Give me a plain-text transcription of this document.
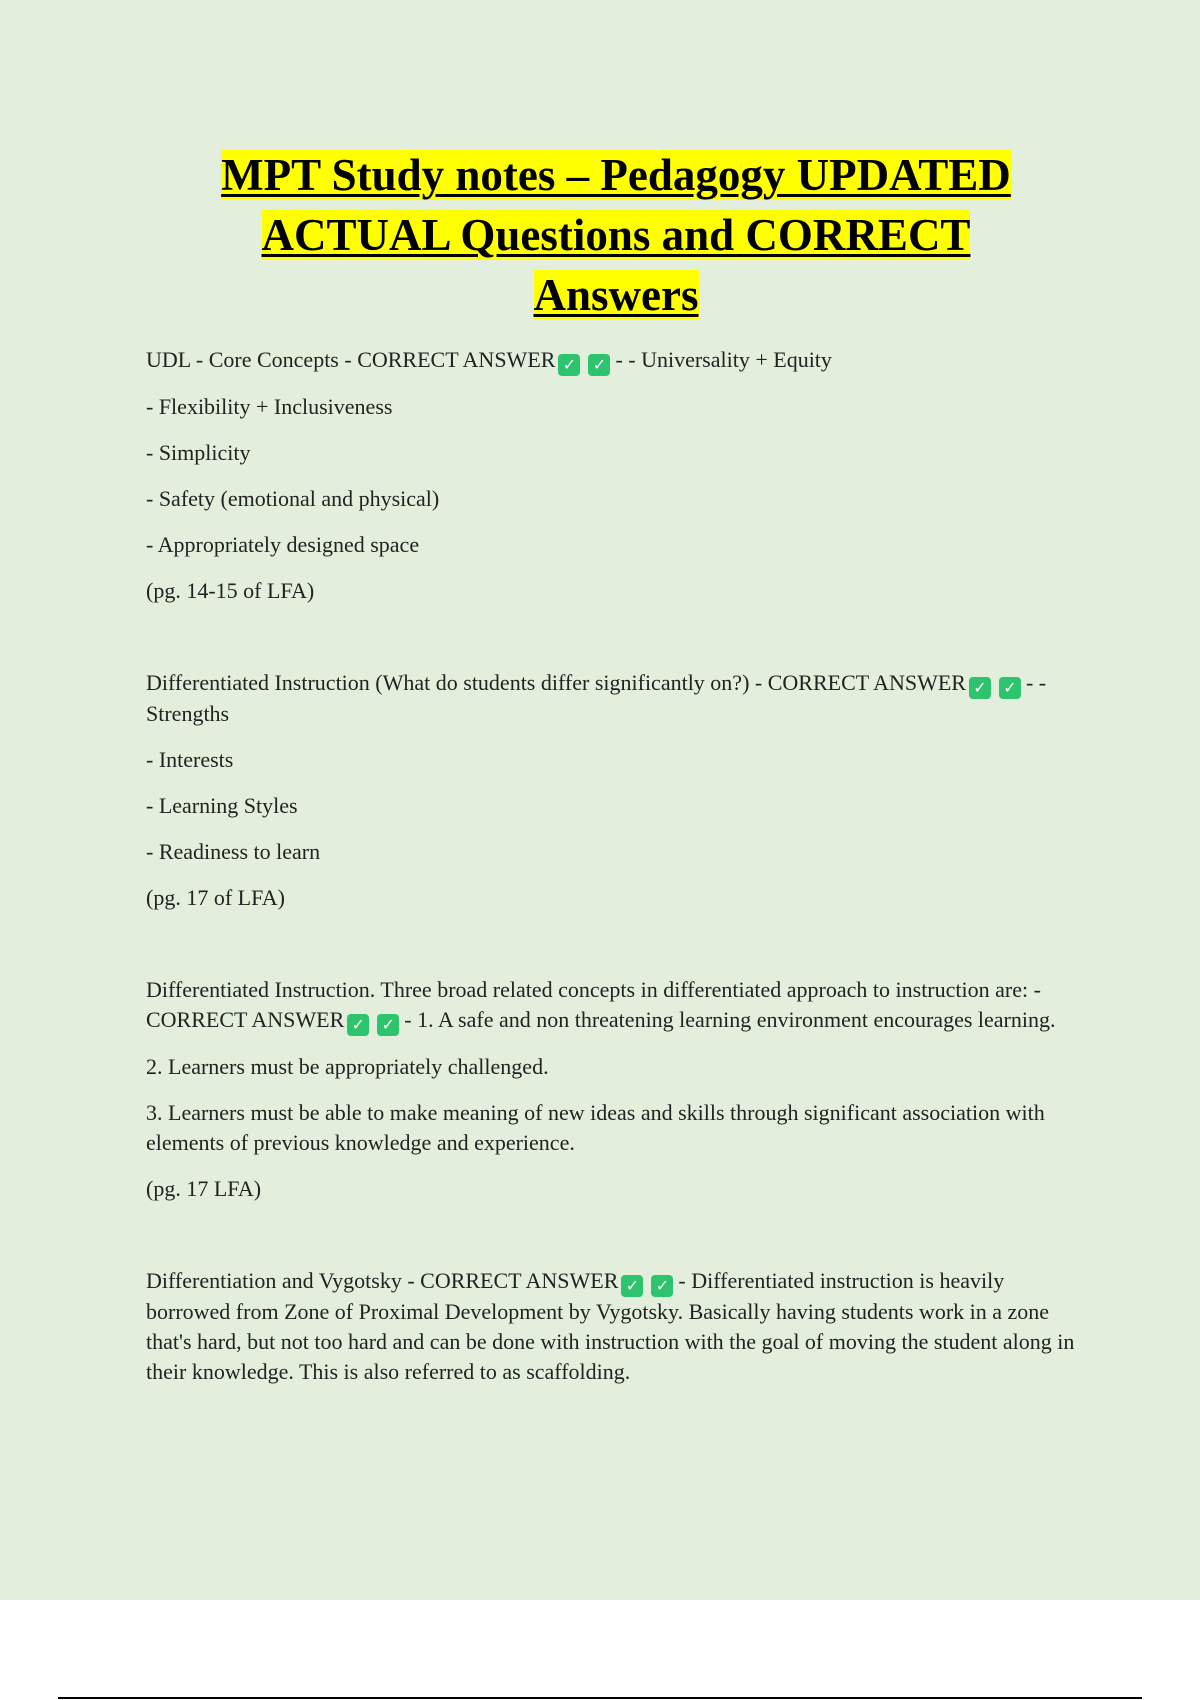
MPT Study notes – Pedagogy UPDATED
ACTUAL Questions and CORRECT
Answers

UDL - Core Concepts - CORRECT ANSWER ✓ ✓ - - Universality + Equity

- Flexibility + Inclusiveness

- Simplicity

- Safety (emotional and physical)

- Appropriately designed space

(pg. 14-15 of LFA)

Differentiated Instruction (What do students differ significantly on?) - CORRECT ANSWER ✓ ✓ - - Strengths

- Interests

- Learning Styles

- Readiness to learn

(pg. 17 of LFA)

Differentiated Instruction. Three broad related concepts in differentiated approach to instruction are: - CORRECT ANSWER ✓ ✓ - 1. A safe and non threatening learning environment encourages learning.

2. Learners must be appropriately challenged.

3. Learners must be able to make meaning of new ideas and skills through significant association with elements of previous knowledge and experience.

(pg. 17 LFA)

Differentiation and Vygotsky - CORRECT ANSWER ✓ ✓ - Differentiated instruction is heavily borrowed from Zone of Proximal Development by Vygotsky. Basically having students work in a zone that's hard, but not too hard and can be done with instruction with the goal of moving the student along in their knowledge. This is also referred to as scaffolding.
